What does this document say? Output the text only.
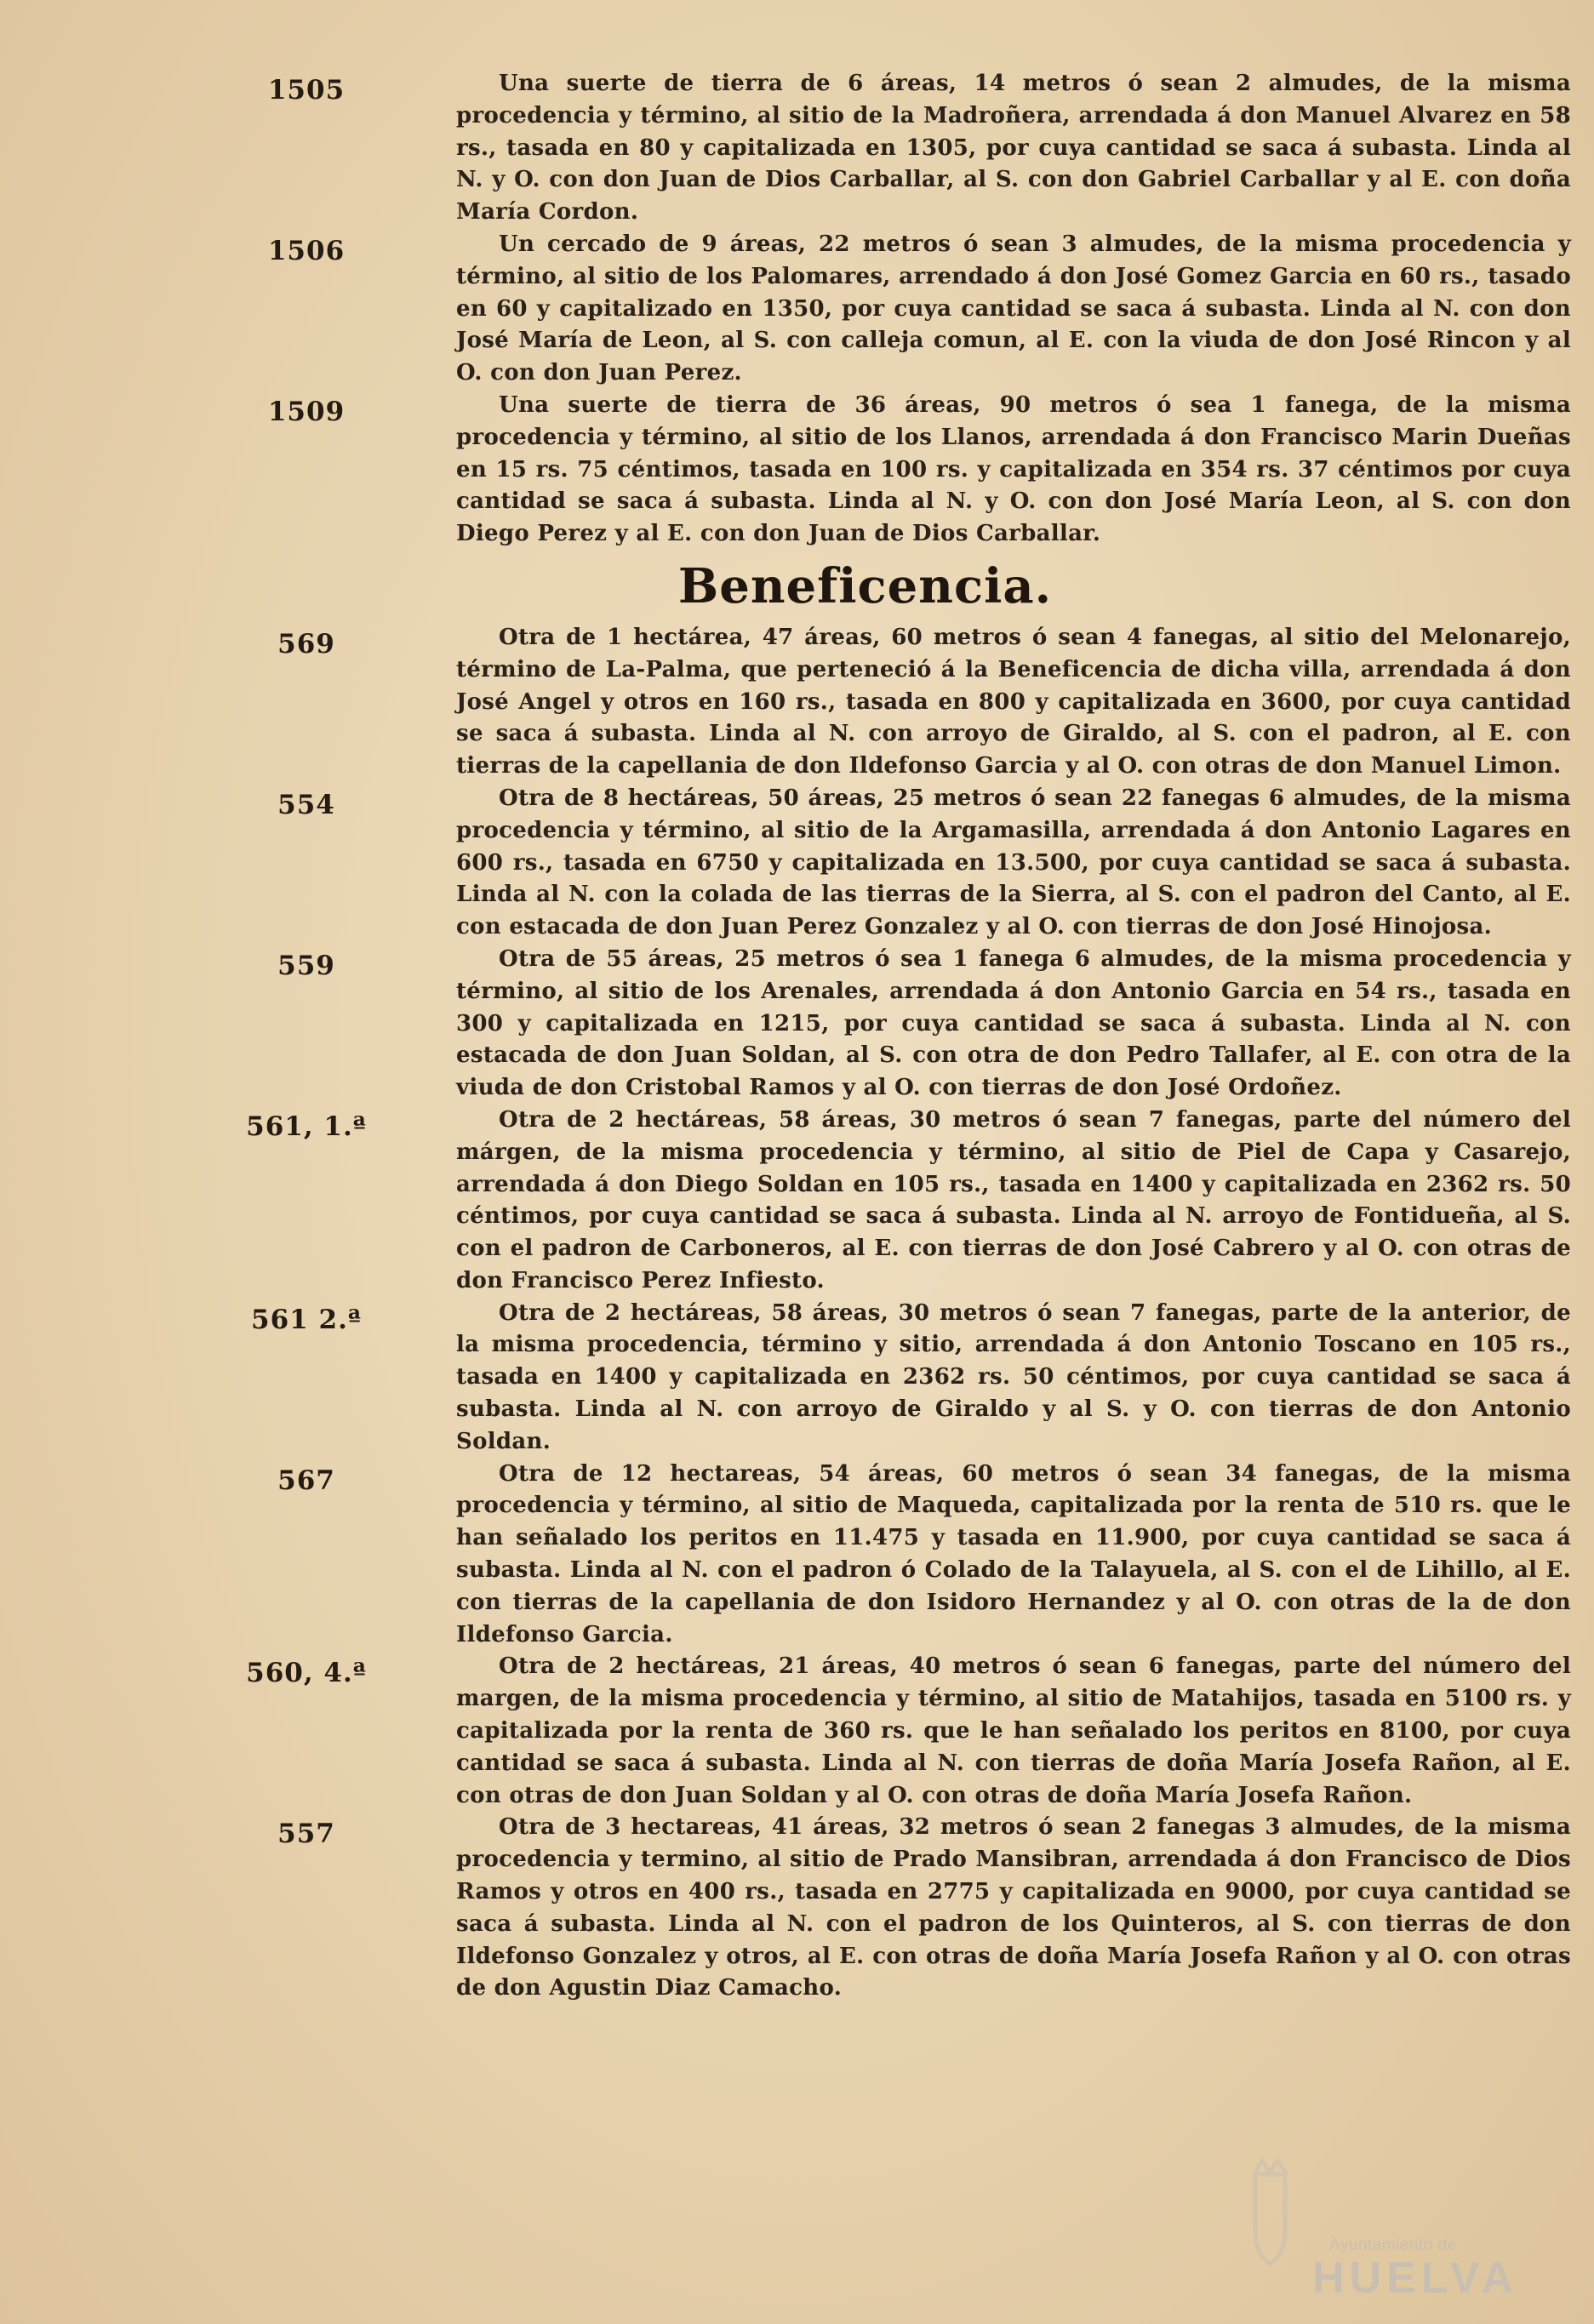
1505	Una suerte de tierra de 6 áreas, 14 metros ó sean 2 almudes, de la misma procedencia y término, al sitio de la Madroñera, arrendada á don Manuel Alvarez en 58 rs., tasada en 80 y capitalizada en 1305, por cuya cantidad se saca á subasta. Linda al N. y O. con don Juan de Dios Carballar, al S. con don Gabriel Carballar y al E. con doña María Cordon.
1506	Un cercado de 9 áreas, 22 metros ó sean 3 almudes, de la misma procedencia y término, al sitio de los Palomares, arrendado á don José Gomez Garcia en 60 rs., tasado en 60 y capitalizado en 1350, por cuya cantidad se saca á subasta. Linda al N. con don José María de Leon, al S. con calleja comun, al E. con la viuda de don José Rincon y al O. con don Juan Perez.
1509	Una suerte de tierra de 36 áreas, 90 metros ó sea 1 fanega, de la misma procedencia y término, al sitio de los Llanos, arrendada á don Francisco Marin Dueñas en 15 rs. 75 céntimos, tasada en 100 rs. y capitalizada en 354 rs. 37 céntimos por cuya cantidad se saca á subasta. Linda al N. y O. con don José María Leon, al S. con don Diego Perez y al E. con don Juan de Dios Carballar.
Beneficencia.
569	Otra de 1 hectárea, 47 áreas, 60 metros ó sean 4 fanegas, al sitio del Melonarejo, término de La-Palma, que perteneció á la Beneficencia de dicha villa, arrendada á don José Angel y otros en 160 rs., tasada en 800 y capitalizada en 3600, por cuya cantidad se saca á subasta. Linda al N. con arroyo de Giraldo, al S. con el padron, al E. con tierras de la capellania de don Ildefonso Garcia y al O. con otras de don Manuel Limon.
554	Otra de 8 hectáreas, 50 áreas, 25 metros ó sean 22 fanegas 6 almudes, de la misma procedencia y término, al sitio de la Argamasilla, arrendada á don Antonio Lagares en 600 rs., tasada en 6750 y capitalizada en 13.500, por cuya cantidad se saca á subasta. Linda al N. con la colada de las tierras de la Sierra, al S. con el padron del Canto, al E. con estacada de don Juan Perez Gonzalez y al O. con tierras de don José Hinojosa.
559	Otra de 55 áreas, 25 metros ó sea 1 fanega 6 almudes, de la misma procedencia y término, al sitio de los Arenales, arrendada á don Antonio Garcia en 54 rs., tasada en 300 y capitalizada en 1215, por cuya cantidad se saca á subasta. Linda al N. con estacada de don Juan Soldan, al S. con otra de don Pedro Tallafer, al E. con otra de la viuda de don Cristobal Ramos y al O. con tierras de don José Ordoñez.
561, 1.ª	Otra de 2 hectáreas, 58 áreas, 30 metros ó sean 7 fanegas, parte del número del márgen, de la misma procedencia y término, al sitio de Piel de Capa y Casarejo, arrendada á don Diego Soldan en 105 rs., tasada en 1400 y capitalizada en 2362 rs. 50 céntimos, por cuya cantidad se saca á subasta. Linda al N. arroyo de Fontidueña, al S. con el padron de Carboneros, al E. con tierras de don José Cabrero y al O. con otras de don Francisco Perez Infiesto.
561 2.ª	Otra de 2 hectáreas, 58 áreas, 30 metros ó sean 7 fanegas, parte de la anterior, de la misma procedencia, término y sitio, arrendada á don Antonio Toscano en 105 rs., tasada en 1400 y capitalizada en 2362 rs. 50 céntimos, por cuya cantidad se saca á subasta. Linda al N. con arroyo de Giraldo y al S. y O. con tierras de don Antonio Soldan.
567	Otra de 12 hectareas, 54 áreas, 60 metros ó sean 34 fanegas, de la misma procedencia y término, al sitio de Maqueda, capitalizada por la renta de 510 rs. que le han señalado los peritos en 11.475 y tasada en 11.900, por cuya cantidad se saca á subasta. Linda al N. con el padron ó Colado de la Talayuela, al S. con el de Lihillo, al E. con tierras de la capellania de don Isidoro Hernandez y al O. con otras de la de don Ildefonso Garcia.
560, 4.ª	Otra de 2 hectáreas, 21 áreas, 40 metros ó sean 6 fanegas, parte del número del margen, de la misma procedencia y término, al sitio de Matahijos, tasada en 5100 rs. y capitalizada por la renta de 360 rs. que le han señalado los peritos en 8100, por cuya cantidad se saca á subasta. Linda al N. con tierras de doña María Josefa Rañon, al E. con otras de don Juan Soldan y al O. con otras de doña María Josefa Rañon.
557	Otra de 3 hectareas, 41 áreas, 32 metros ó sean 2 fanegas 3 almudes, de la misma procedencia y termino, al sitio de Prado Mansibran, arrendada á don Francisco de Dios Ramos y otros en 400 rs., tasada en 2775 y capitalizada en 9000, por cuya cantidad se saca á subasta. Linda al N. con el padron de los Quinteros, al S. con tierras de don Ildefonso Gonzalez y otros, al E. con otras de doña María Josefa Rañon y al O. con otras de don Agustin Diaz Camacho.
Ayuntamiento de
HUELVA
